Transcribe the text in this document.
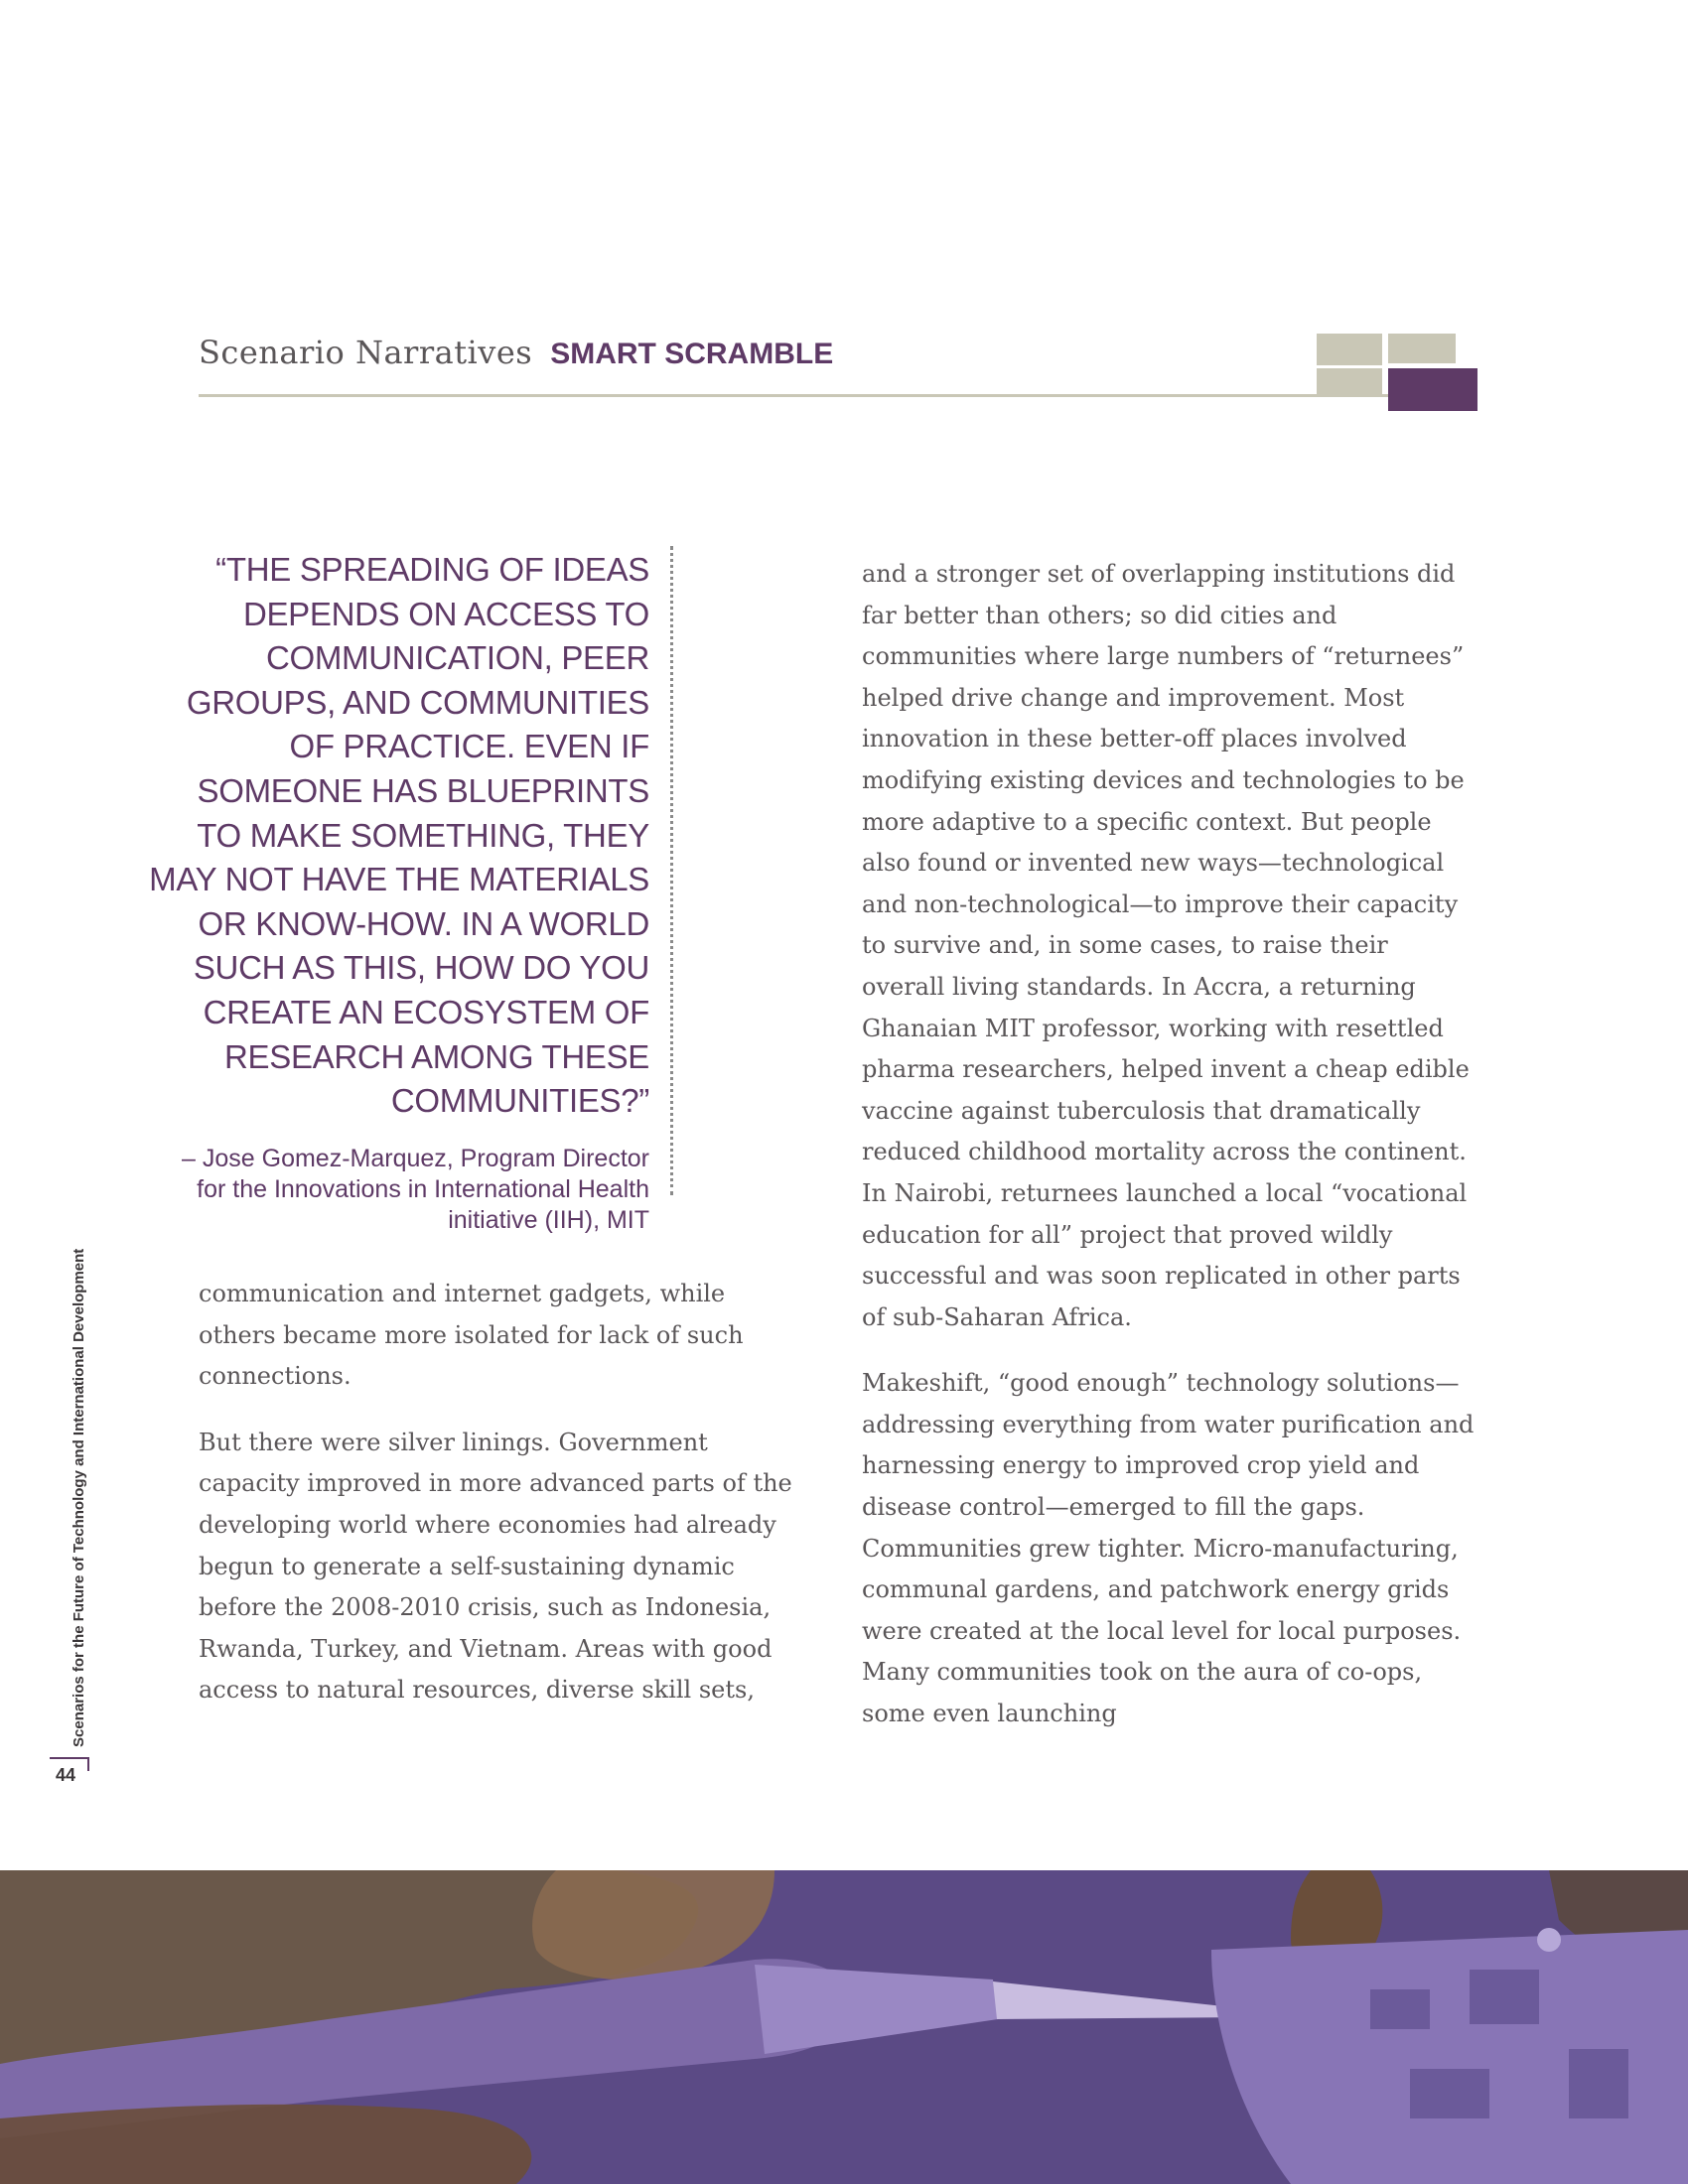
Scenario Narratives SMART SCRAMBLE

“THE SPREADING OF IDEAS DEPENDS ON ACCESS TO COMMUNICATION, PEER GROUPS, AND COMMUNITIES OF PRACTICE. EVEN IF SOMEONE HAS BLUEPRINTS TO MAKE SOMETHING, THEY MAY NOT HAVE THE MATERIALS OR KNOW-HOW. IN A WORLD SUCH AS THIS, HOW DO YOU CREATE AN ECOSYSTEM OF RESEARCH AMONG THESE COMMUNITIES?”

– Jose Gomez-Marquez, Program Director for the Innovations in International Health initiative (IIH), MIT

communication and internet gadgets, while others became more isolated for lack of such connections.

But there were silver linings. Government capacity improved in more advanced parts of the developing world where economies had already begun to generate a self-sustaining dynamic before the 2008-2010 crisis, such as Indonesia, Rwanda, Turkey, and Vietnam. Areas with good access to natural resources, diverse skill sets,

and a stronger set of overlapping institutions did far better than others; so did cities and communities where large numbers of “returnees” helped drive change and improvement. Most innovation in these better-off places involved modifying existing devices and technologies to be more adaptive to a specific context. But people also found or invented new ways—technological and non-technological—to improve their capacity to survive and, in some cases, to raise their overall living standards. In Accra, a returning Ghanaian MIT professor, working with resettled pharma researchers, helped invent a cheap edible vaccine against tuberculosis that dramatically reduced childhood mortality across the continent. In Nairobi, returnees launched a local “vocational education for all” project that proved wildly successful and was soon replicated in other parts of sub-Saharan Africa.

Makeshift, “good enough” technology solutions—addressing everything from water purification and harnessing energy to improved crop yield and disease control—emerged to fill the gaps. Communities grew tighter. Micro-manufacturing, communal gardens, and patchwork energy grids were created at the local level for local purposes. Many communities took on the aura of co-ops, some even launching

Scenarios for the Future of Technology and International Development
44
